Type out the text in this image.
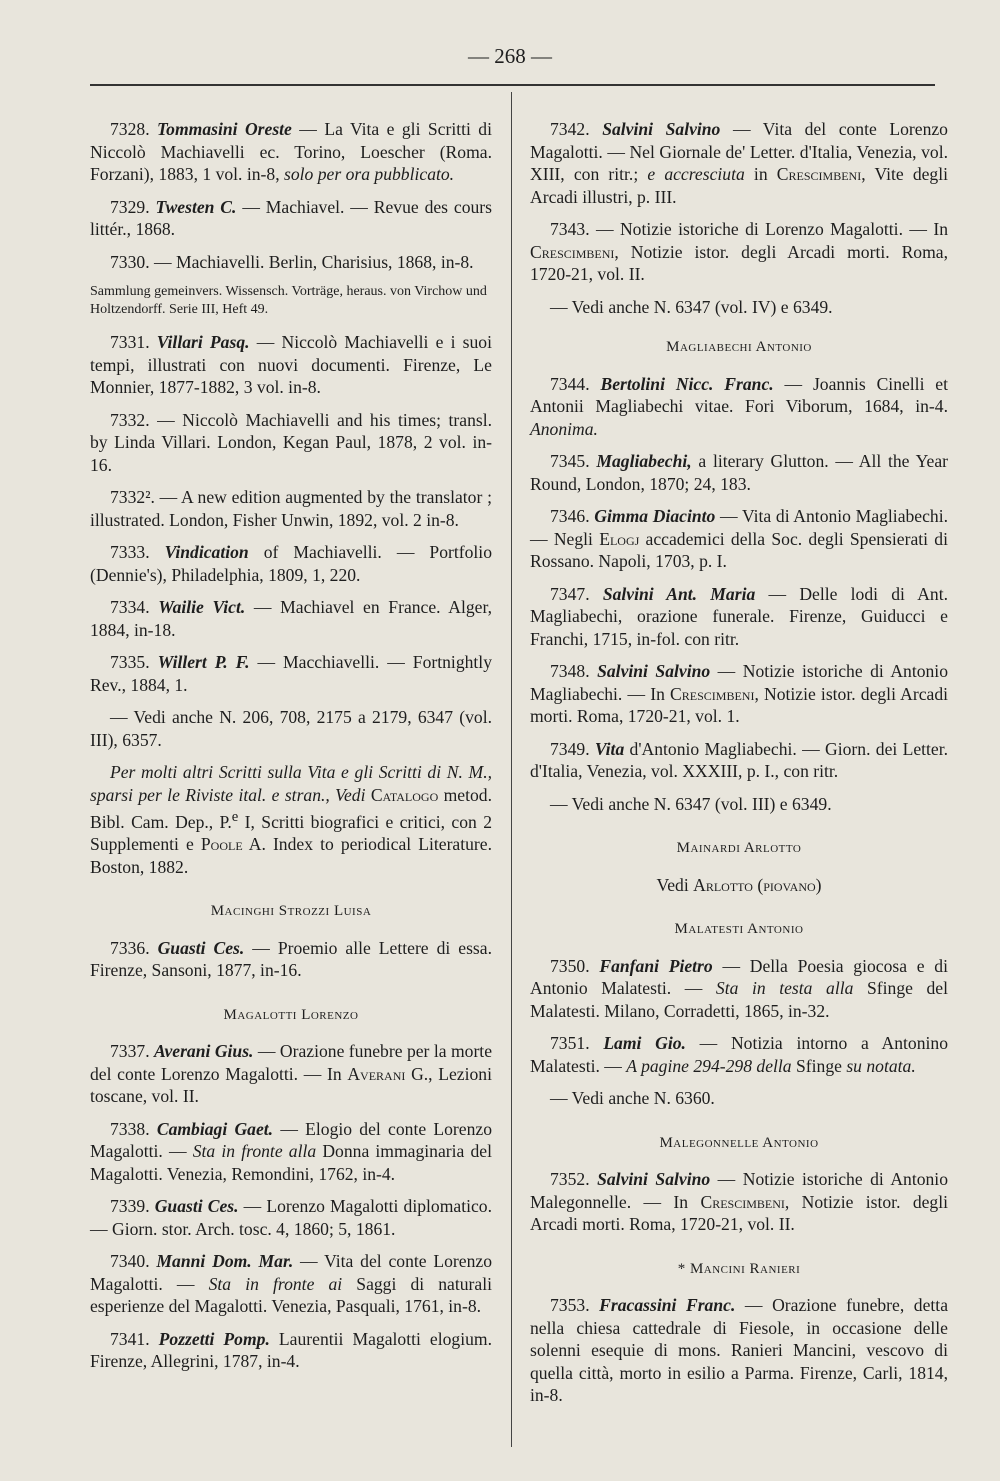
— 268 —
7328. Tommasini Oreste — La Vita e gli Scritti di Niccolò Machiavelli ec. Torino, Loescher (Roma. Forzani), 1883, 1 vol. in-8, solo per ora pubblicato.
7329. Twesten C. — Machiavel. — Revue des cours littér., 1868.
7330. — Machiavelli. Berlin, Charisius, 1868, in-8.
Sammlung gemeinvers. Wissensch. Vorträge, heraus. von Virchow und Holtzendorff. Serie III, Heft 49.
7331. Villari Pasq. — Niccolò Machiavelli e i suoi tempi, illustrati con nuovi documenti. Firenze, Le Monnier, 1877-1882, 3 vol. in-8.
7332. — Niccolò Machiavelli and his times; transl. by Linda Villari. London, Kegan Paul, 1878, 2 vol. in-16.
7332². — A new edition augmented by the translator ; illustrated. London, Fisher Unwin, 1892, vol. 2 in-8.
7333. Vindication of Machiavelli. — Portfolio (Dennie's), Philadelphia, 1809, 1, 220.
7334. Wailie Vict. — Machiavel en France. Alger, 1884, in-18.
7335. Willert P. F. — Macchiavelli. — Fortnightly Rev., 1884, 1.
— Vedi anche N. 206, 708, 2175 a 2179, 6347 (vol. III), 6357.
Per molti altri Scritti sulla Vita e gli Scritti di N. M., sparsi per le Riviste ital. e stran., Vedi Catalogo metod. Bibl. Cam. Dep., P.$^e$ I, Scritti biografici e critici, con 2 Supplementi e Poole A. Index to periodical Literature. Boston, 1882.
Macinghi Strozzi Luisa
7336. Guasti Ces. — Proemio alle Lettere di essa. Firenze, Sansoni, 1877, in-16.
Magalotti Lorenzo
7337. Averani Gius. — Orazione funebre per la morte del conte Lorenzo Magalotti. — In Averani G., Lezioni toscane, vol. II.
7338. Cambiagi Gaet. — Elogio del conte Lorenzo Magalotti. — Sta in fronte alla Donna immaginaria del Magalotti. Venezia, Remondini, 1762, in-4.
7339. Guasti Ces. — Lorenzo Magalotti diplomatico. — Giorn. stor. Arch. tosc. 4, 1860; 5, 1861.
7340. Manni Dom. Mar. — Vita del conte Lorenzo Magalotti. — Sta in fronte ai Saggi di naturali esperienze del Magalotti. Venezia, Pasquali, 1761, in-8.
7341. Pozzetti Pomp. Laurentii Magalotti elogium. Firenze, Allegrini, 1787, in-4.
7342. Salvini Salvino — Vita del conte Lorenzo Magalotti. — Nel Giornale de' Letter. d'Italia, Venezia, vol. XIII, con ritr.; e accresciuta in Crescimbeni, Vite degli Arcadi illustri, p. III.
7343. — Notizie istoriche di Lorenzo Magalotti. — In Crescimbeni, Notizie istor. degli Arcadi morti. Roma, 1720-21, vol. II.
— Vedi anche N. 6347 (vol. IV) e 6349.
Magliabechi Antonio
7344. Bertolini Nicc. Franc. — Joannis Cinelli et Antonii Magliabechi vitae. Fori Viborum, 1684, in-4. Anonima.
7345. Magliabechi, a literary Glutton. — All the Year Round, London, 1870; 24, 183.
7346. Gimma Diacinto — Vita di Antonio Magliabechi. — Negli Elogj accademici della Soc. degli Spensierati di Rossano. Napoli, 1703, p. I.
7347. Salvini Ant. Maria — Delle lodi di Ant. Magliabechi, orazione funerale. Firenze, Guiducci e Franchi, 1715, in-fol. con ritr.
7348. Salvini Salvino — Notizie istoriche di Antonio Magliabechi. — In Crescimbeni, Notizie istor. degli Arcadi morti. Roma, 1720-21, vol. 1.
7349. Vita d'Antonio Magliabechi. — Giorn. dei Letter. d'Italia, Venezia, vol. XXXIII, p. I., con ritr.
— Vedi anche N. 6347 (vol. III) e 6349.
Mainardi Arlotto
Vedi Arlotto (piovano)
Malatesti Antonio
7350. Fanfani Pietro — Della Poesia giocosa e di Antonio Malatesti. — Sta in testa alla Sfinge del Malatesti. Milano, Corradetti, 1865, in-32.
7351. Lami Gio. — Notizia intorno a Antonino Malatesti. — A pagine 294-298 della Sfinge su notata.
— Vedi anche N. 6360.
Malegonnelle Antonio
7352. Salvini Salvino — Notizie istoriche di Antonio Malegonnelle. — In Crescimbeni, Notizie istor. degli Arcadi morti. Roma, 1720-21, vol. II.
* Mancini Ranieri
7353. Fracassini Franc. — Orazione funebre, detta nella chiesa cattedrale di Fiesole, in occasione delle solenni esequie di mons. Ranieri Mancini, vescovo di quella città, morto in esilio a Parma. Firenze, Carli, 1814, in-8.
